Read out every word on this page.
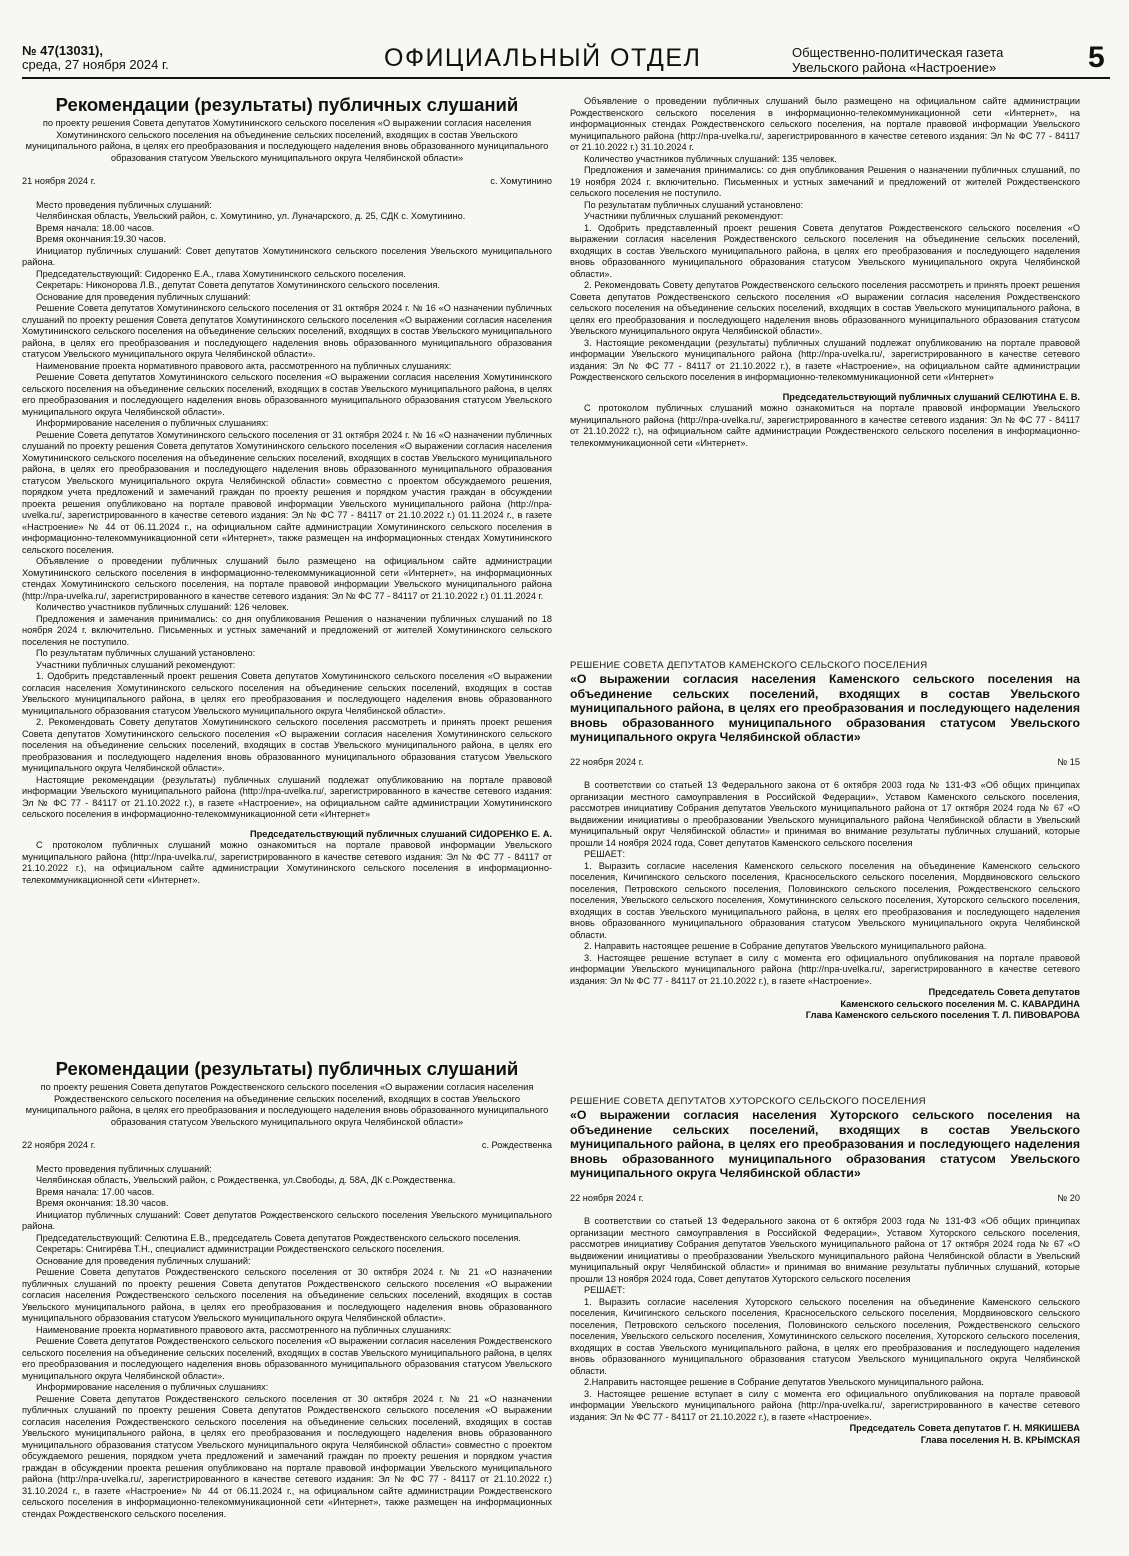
№ 47(13031),
среда, 27 ноября 2024 г.	ОФИЦИАЛЬНЫЙ ОТДЕЛ	Общественно-политическая газета
Увельского района «Настроение»	5
Рекомендации (результаты) публичных слушаний
по проекту решения Совета депутатов Хомутининского сельского поселения «О выражении согласия населения Хомутининского сельского поселения на объединение сельских поселений, входящих в состав Увельского муниципального района, в целях его преобразования и последующего наделения вновь образованного муниципального образования статусом Увельского муниципального округа Челябинской области»
21 ноября 2024 г.	с. Хомутинино

Место проведения публичных слушаний:

Челябинская область, Увельский район, с. Хомутинино, ул. Луначарского, д. 25, СДК с. Хомутинино.

Время начала: 18.00 часов.

Время окончания:19.30 часов.

Инициатор публичных слушаний: Совет депутатов Хомутининского сельского поселения Увельского муниципального района.

Председательствующий: Сидоренко Е.А., глава Хомутининского сельского поселения.

Секретарь: Никонорова Л.В., депутат Совета депутатов Хомутининского сельского поселения.

Основание для проведения публичных слушаний:

Решение Совета депутатов Хомутининского сельского поселения от 31 октября 2024 г. № 16 «О назначении публичных слушаний по проекту решения Совета депутатов Хомутининского сельского поселения «О выражении согласия населения Хомутининского сельского поселения на объединение сельских поселений, входящих в состав Увельского муниципального района, в целях его преобразования и последующего наделения вновь образованного муниципального образования статусом Увельского муниципального округа Челябинской области».

Наименование проекта нормативного правового акта, рассмотренного на публичных слушаниях:

Решение Совета депутатов Хомутининского сельского поселения «О выражении согласия населения Хомутининского сельского поселения на объединение сельских поселений, входящих в состав Увельского муниципального района, в целях его преобразования и последующего наделения вновь образованного муниципального образования статусом Увельского муниципального округа Челябинской области».

Информирование населения о публичных слушаниях:

Решение Совета депутатов Хомутининского сельского поселения от 31 октября 2024 г. № 16 «О назначении публичных слушаний по проекту решения Совета депутатов Хомутининского сельского поселения «О выражении согласия населения Хомутининского сельского поселения на объединение сельских поселений, входящих в состав Увельского муниципального района, в целях его преобразования и последующего наделения вновь образованного муниципального образования статусом Увельского муниципального округа Челябинской области» совместно с проектом обсуждаемого решения, порядком учета предложений и замечаний граждан по проекту решения и порядком участия граждан в обсуждении проекта решения опубликовано на портале правовой информации Увельского муниципального района (http://npa-uvelka.ru/, зарегистрированного в качестве сетевого издания: Эл № ФС 77 - 84117 от 21.10.2022 г.) 01.11.2024 г., в газете «Настроение» № 44 от 06.11.2024 г., на официальном сайте администрации Хомутининского сельского поселения в информационно-телекоммуникационной сети «Интернет», также размещен на информационных стендах Хомутининского сельского поселения.

Объявление о проведении публичных слушаний было размещено на официальном сайте администрации Хомутининского сельского поселения в информационно-телекоммуникационной сети «Интернет», на информационных стендах Хомутининского сельского поселения, на портале правовой информации Увельского муниципального района (http://npa-uvelka.ru/, зарегистрированного в качестве сетевого издания: Эл № ФС 77 - 84117 от 21.10.2022 г.) 01.11.2024 г.

Количество участников публичных слушаний: 126 человек.

Предложения и замечания принимались: со дня опубликования Решения о назначении публичных слушаний по 18 ноября 2024 г. включительно. Письменных и устных замечаний и предложений от жителей Хомутининского сельского поселения не поступило.

По результатам публичных слушаний установлено:

Участники публичных слушаний рекомендуют:

1. Одобрить представленный проект решения Совета депутатов Хомутининского сельского поселения «О выражении согласия населения Хомутининского сельского поселения на объединение сельских поселений, входящих в состав Увельского муниципального района, в целях его преобразования и последующего наделения вновь образованного муниципального образования статусом Увельского муниципального округа Челябинской области».

2. Рекомендовать Совету депутатов Хомутининского сельского поселения рассмотреть и принять проект решения Совета депутатов Хомутининского сельского поселения «О выражении согласия населения Хомутининского сельского поселения на объединение сельских поселений, входящих в состав Увельского муниципального района, в целях его преобразования и последующего наделения вновь образованного муниципального образования статусом Увельского муниципального округа Челябинской области».

Настоящие рекомендации (результаты) публичных слушаний подлежат опубликованию на портале правовой информации Увельского муниципального района (http://npa-uvelka.ru/, зарегистрированного в качестве сетевого издания: Эл № ФС 77 - 84117 от 21.10.2022 г.), в газете «Настроение», на официальном сайте администрации Хомутининского сельского поселения в информационно-телекоммуникационной сети «Интернет»

Председательствующий публичных слушаний СИДОРЕНКО Е. А.

С протоколом публичных слушаний можно ознакомиться на портале правовой информации Увельского муниципального района (http://npa-uvelka.ru/, зарегистрированного в качестве сетевого издания: Эл № ФС 77 - 84117 от 21.10.2022 г.), на официальном сайте администрации Хомутининского сельского поселения в информационно-телекоммуникационной сети «Интернет».

Рекомендации (результаты) публичных слушаний
по проекту решения Совета депутатов Рождественского сельского поселения «О выражении согласия населения Рождественского сельского поселения на объединение сельских поселений, входящих в состав Увельского муниципального района, в целях его преобразования и последующего наделения вновь образованного муниципального образования статусом Увельского муниципального округа Челябинской области»
22 ноября 2024 г.	с. Рождественка

Место проведения публичных слушаний:

Челябинская область, Увельский район, с Рождественка, ул.Свободы, д. 58А, ДК с.Рождественка.

Время начала: 17.00 часов.

Время окончания: 18.30 часов.

Инициатор публичных слушаний: Совет депутатов Рождественского сельского поселения Увельского муниципального района.

Председательствующий: Селютина Е.В., председатель Совета депутатов Рождественского сельского поселения.

Секретарь: Снигирёва Т.Н., специалист администрации Рождественского сельского поселения.

Основание для проведения публичных слушаний:

Решение Совета депутатов Рождественского сельского поселения от 30 октября 2024 г. № 21 «О назначении публичных слушаний по проекту решения Совета депутатов Рождественского сельского поселения «О выражении согласия населения Рождественского сельского поселения на объединение сельских поселений, входящих в состав Увельского муниципального района, в целях его преобразования и последующего наделения вновь образованного муниципального образования статусом Увельского муниципального округа Челябинской области».

Наименование проекта нормативного правового акта, рассмотренного на публичных слушаниях:

Решение Совета депутатов Рождественского сельского поселения «О выражении согласия населения Рождественского сельского поселения на объединение сельских поселений, входящих в состав Увельского муниципального района, в целях его преобразования и последующего наделения вновь образованного муниципального образования статусом Увельского муниципального округа Челябинской области».

Информирование населения о публичных слушаниях:

Решение Совета депутатов Рождественского сельского поселения от 30 октября 2024 г. № 21 «О назначении публичных слушаний по проекту решения Совета депутатов Рождественского сельского поселения «О выражении согласия населения Рождественского сельского поселения на объединение сельских поселений, входящих в состав Увельского муниципального района, в целях его преобразования и последующего наделения вновь образованного муниципального образования статусом Увельского муниципального округа Челябинской области» совместно с проектом обсуждаемого решения, порядком учета предложений и замечаний граждан по проекту решения и порядком участия граждан в обсуждении проекта решения опубликовано на портале правовой информации Увельского муниципального района (http://npa-uvelka.ru/, зарегистрированного в качестве сетевого издания: Эл № ФС 77 - 84117 от 21.10.2022 г.) 31.10.2024 г., в газете «Настроение» № 44 от 06.11.2024 г., на официальном сайте администрации Рождественского сельского поселения в информационно-телекоммуникационной сети «Интернет», также размещен на информационных стендах Рождественского сельского поселения.

Объявление о проведении публичных слушаний было размещено на официальном сайте администрации Рождественского сельского поселения в информационно-телекоммуникационной сети «Интернет», на информационных стендах Рождественского сельского поселения, на портале правовой информации Увельского муниципального района (http://npa-uvelka.ru/, зарегистрированного в качестве сетевого издания: Эл № ФС 77 - 84117 от 21.10.2022 г.) 31.10.2024 г.

Количество участников публичных слушаний: 135 человек.

Предложения и замечания принимались: со дня опубликования Решения о назначении публичных слушаний, по 19 ноября 2024 г. включительно. Письменных и устных замечаний и предложений от жителей Рождественского сельского поселения не поступило.

По результатам публичных слушаний установлено:

Участники публичных слушаний рекомендуют:

1. Одобрить представленный проект решения Совета депутатов Рождественского сельского поселения «О выражении согласия населения Рождественского сельского поселения на объединение сельских поселений, входящих в состав Увельского муниципального района, в целях его преобразования и последующего наделения вновь образованного муниципального образования статусом Увельского муниципального округа Челябинской области».

2. Рекомендовать Совету депутатов Рождественского сельского поселения рассмотреть и принять проект решения Совета депутатов Рождественского сельского поселения «О выражении согласия населения Рождественского сельского поселения на объединение сельских поселений, входящих в состав Увельского муниципального района, в целях его преобразования и последующего наделения вновь образованного муниципального образования статусом Увельского муниципального округа Челябинской области».

3. Настоящие рекомендации (результаты) публичных слушаний подлежат опубликованию на портале правовой информации Увельского муниципального района (http://npa-uvelka.ru/, зарегистрированного в качестве сетевого издания: Эл № ФС 77 - 84117 от 21.10.2022 г.), в газете «Настроение», на официальном сайте администрации Рождественского сельского поселения в информационно-телекоммуникационной сети «Интернет»

Председательствующий публичных слушаний СЕЛЮТИНА Е. В.

С протоколом публичных слушаний можно ознакомиться на портале правовой информации Увельского муниципального района (http://npa-uvelka.ru/, зарегистрированного в качестве сетевого издания: Эл № ФС 77 - 84117 от 21.10.2022 г.), на официальном сайте администрации Рождественского сельского поселения в информационно-телекоммуникационной сети «Интернет».

РЕШЕНИЕ СОВЕТА ДЕПУТАТОВ КАМЕНСКОГО СЕЛЬСКОГО ПОСЕЛЕНИЯ
«О выражении согласия населения Каменского сельского поселения на объединение сельских поселений, входящих в состав Увельского муниципального района, в целях его преобразования и последующего наделения вновь образованного муниципального образования статусом Увельского муниципального округа Челябинской области»
22 ноября 2024 г.	№ 15

В соответствии со статьей 13 Федерального закона от 6 октября 2003 года № 131-ФЗ «Об общих принципах организации местного самоуправления в Российской Федерации», Уставом Каменского сельского поселения, рассмотрев инициативу Собрания депутатов Увельского муниципального района от 17 октября 2024 года № 67 «О выдвижении инициативы о преобразовании Увельского муниципального района Челябинской области в Увельский муниципальный округ Челябинской области» и принимая во внимание результаты публичных слушаний, которые прошли 14 ноября 2024 года, Совет депутатов Каменского сельского поселения

РЕШАЕТ:

1. Выразить согласие населения Каменского сельского поселения на объединение Каменского сельского поселения, Кичигинского сельского поселения, Красносельского сельского поселения, Мордвиновского сельского поселения, Петровского сельского поселения, Половинского сельского поселения, Рождественского сельского поселения, Увельского сельского поселения, Хомутининского сельского поселения, Хуторского сельского поселения, входящих в состав Увельского муниципального района, в целях его преобразования и последующего наделения вновь образованного муниципального образования статусом Увельского муниципального округа Челябинской области.

2. Направить настоящее решение в Собрание депутатов Увельского муниципального района.

3. Настоящее решение вступает в силу с момента его официального опубликования на портале правовой информации Увельского муниципального района (http://npa-uvelka.ru/, зарегистрированного в качестве сетевого издания: Эл № ФС 77 - 84117 от 21.10.2022 г.), в газете «Настроение».

Председатель Совета депутатов
Каменского сельского поселения М. С. КАВАРДИНА
Глава Каменского сельского поселения Т. Л. ПИВОВАРОВА
РЕШЕНИЕ СОВЕТА ДЕПУТАТОВ ХУТОРСКОГО СЕЛЬСКОГО ПОСЕЛЕНИЯ
«О выражении согласия населения Хуторского сельского поселения на объединение сельских поселений, входящих в состав Увельского муниципального района, в целях его преобразования и последующего наделения вновь образованного муниципального образования статусом Увельского муниципального округа Челябинской области»
22 ноября 2024 г.	№ 20

В соответствии со статьей 13 Федерального закона от 6 октября 2003 года № 131-ФЗ «Об общих принципах организации местного самоуправления в Российской Федерации», Уставом Хуторского сельского поселения, рассмотрев инициативу Собрания депутатов Увельского муниципального района от 17 октября 2024 года № 67 «О выдвижении инициативы о преобразовании Увельского муниципального района Челябинской области в Увельский муниципальный округ Челябинской области» и принимая во внимание результаты публичных слушаний, которые прошли 13 ноября 2024 года, Совет депутатов Хуторского сельского поселения

РЕШАЕТ:

1. Выразить согласие населения Хуторского сельского поселения на объединение Каменского сельского поселения, Кичигинского сельского поселения, Красносельского сельского поселения, Мордвиновского сельского поселения, Петровского сельского поселения, Половинского сельского поселения, Рождественского сельского поселения, Увельского сельского поселения, Хомутининского сельского поселения, Хуторского сельского поселения, входящих в состав Увельского муниципального района, в целях его преобразования и последующего наделения вновь образованного муниципального образования статусом Увельского муниципального округа Челябинской области.

2.Направить настоящее решение в Собрание депутатов Увельского муниципального района.

3. Настоящее решение вступает в силу с момента его официального опубликования на портале правовой информации Увельского муниципального района (http://npa-uvelka.ru/, зарегистрированного в качестве сетевого издания: Эл № ФС 77 - 84117 от 21.10.2022 г.), в газете «Настроение».

Председатель Совета депутатов Г. Н. МЯКИШЕВА
Глава поселения Н. В. КРЫМСКАЯ
